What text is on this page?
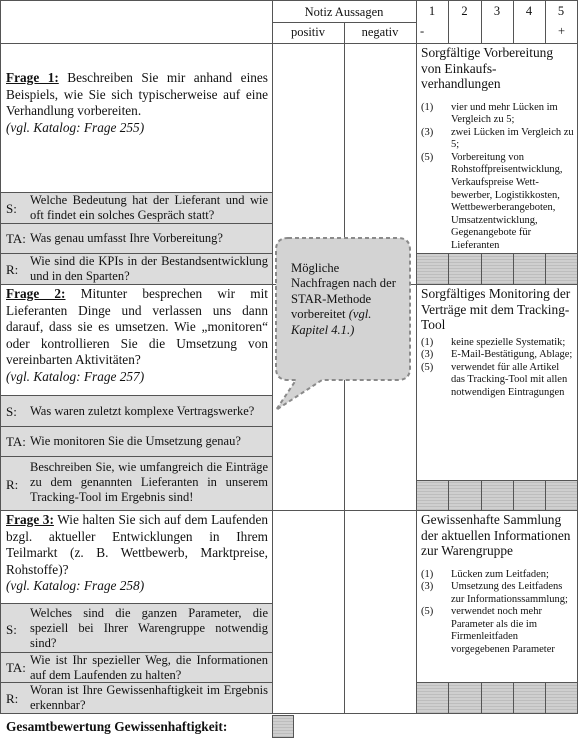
Notiz Aussagen
positiv	negativ
1	2	3	4	5
-	+
Frage 1: Beschreiben Sie mir anhand eines Beispiels, wie Sie sich typischerweise auf eine Verhandlung vorbereiten.
(vgl. Katalog: Frage 255)
S:
Welche Bedeutung hat der Lieferant und wie oft findet ein solches Gespräch statt?
TA: Was genau umfasst Ihre Vorbereitung?
R:
Wie sind die KPIs in der Bestandsentwicklung und in den Sparten?
Sorgfältige Vorbereitung von Einkaufs-verhandlungen
(1) vier und mehr Lücken im Vergleich zu 5;
(3) zwei Lücken im Vergleich zu 5;
(5) Vorbereitung von Rohstoffpreisentwicklung, Verkaufspreise Wett-bewerber, Logistikkosten, Wettbewerberangeboten, Umsatzentwicklung, Gegenangebote für Lieferanten
Frage 2: Mitunter besprechen wir mit Lieferanten Dinge und verlassen uns dann darauf, dass sie es umsetzen. Wie „monitoren“ oder kontrollieren Sie die Umsetzung von vereinbarten Aktivitäten?
(vgl. Katalog: Frage 257)
S: Was waren zuletzt komplexe Vertragswerke?
TA: Wie monitoren Sie die Umsetzung genau?
R:
Beschreiben Sie, wie umfangreich die Einträge zu dem genannten Lieferanten in unserem Tracking-Tool im Ergebnis sind!
Sorgfältiges Monitoring der Verträge mit dem Tracking-Tool
(1) keine spezielle Systematik;
(3) E-Mail-Bestätigung, Ablage;
(5) verwendet für alle Artikel das Tracking-Tool mit allen notwendigen Eintragungen
Frage 3: Wie halten Sie sich auf dem Laufenden bzgl. aktueller Entwicklungen in Ihrem Teilmarkt (z. B. Wettbewerb, Marktpreise, Rohstoffe)?
(vgl. Katalog: Frage 258)
S:
Welches sind die ganzen Parameter, die speziell bei Ihrer Warengruppe notwendig sind?
TA: Wie ist Ihr spezieller Weg, die Informationen auf dem Laufenden zu halten?
R:
Woran ist Ihre Gewissenhaftigkeit im Ergebnis erkennbar?
Gewissenhafte Sammlung der aktuellen Informationen zur Warengruppe
(1) Lücken zum Leitfaden;
(3) Umsetzung des Leitfadens zur Informationssammlung;
(5) verwendet noch mehr Parameter als die im Firmenleitfaden vorgegebenen Parameter
Mögliche Nachfragen nach der STAR-Methode vorbereitet (vgl. Kapitel 4.1.)
Gesamtbewertung Gewissenhaftigkeit:
